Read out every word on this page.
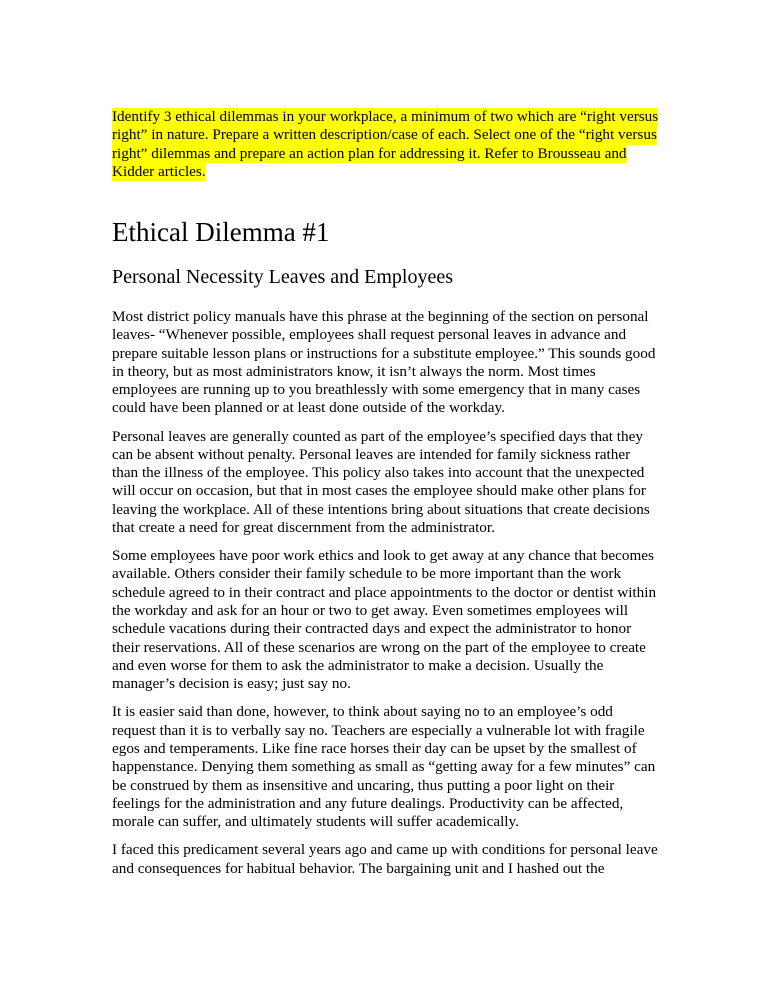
Identify 3 ethical dilemmas in your workplace, a minimum of two which are “right versus
right” in nature. Prepare a written description/case of each. Select one of the “right versus
right” dilemmas and prepare an action plan for addressing it. Refer to Brousseau and
Kidder articles.
Ethical Dilemma #1
Personal Necessity Leaves and Employees
Most district policy manuals have this phrase at the beginning of the section on personal
leaves- “Whenever possible, employees shall request personal leaves in advance and
prepare suitable lesson plans or instructions for a substitute employee.” This sounds good
in theory, but as most administrators know, it isn’t always the norm. Most times
employees are running up to you breathlessly with some emergency that in many cases
could have been planned or at least done outside of the workday.
Personal leaves are generally counted as part of the employee’s specified days that they
can be absent without penalty. Personal leaves are intended for family sickness rather
than the illness of the employee. This policy also takes into account that the unexpected
will occur on occasion, but that in most cases the employee should make other plans for
leaving the workplace. All of these intentions bring about situations that create decisions
that create a need for great discernment from the administrator.
Some employees have poor work ethics and look to get away at any chance that becomes
available. Others consider their family schedule to be more important than the work
schedule agreed to in their contract and place appointments to the doctor or dentist within
the workday and ask for an hour or two to get away. Even sometimes employees will
schedule vacations during their contracted days and expect the administrator to honor
their reservations. All of these scenarios are wrong on the part of the employee to create
and even worse for them to ask the administrator to make a decision. Usually the
manager’s decision is easy; just say no.
It is easier said than done, however, to think about saying no to an employee’s odd
request than it is to verbally say no. Teachers are especially a vulnerable lot with fragile
egos and temperaments. Like fine race horses their day can be upset by the smallest of
happenstance. Denying them something as small as “getting away for a few minutes” can
be construed by them as insensitive and uncaring, thus putting a poor light on their
feelings for the administration and any future dealings. Productivity can be affected,
morale can suffer, and ultimately students will suffer academically.
I faced this predicament several years ago and came up with conditions for personal leave
and consequences for habitual behavior. The bargaining unit and I hashed out the
